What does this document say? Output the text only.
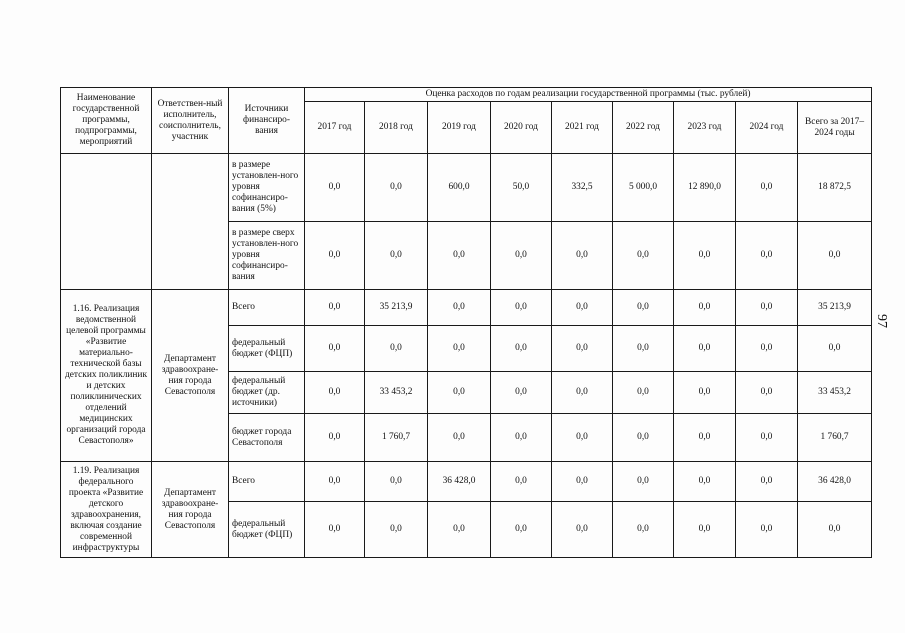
Наименование государственной программы, подпрограммы, мероприятий	Ответствен-ный исполнитель, соисполнитель, участник	Источники финансиро-вания	Оценка расходов по годам реализации государственной программы (тыс. рублей)								
			2017 год	2018 год	2019 год	2020 год	2021 год	2022 год	2023 год	2024 год	Всего за 2017–2024 годы
		в размере установлен-ного уровня софинансиро-вания (5%)	0,0	0,0	600,0	50,0	332,5	5 000,0	12 890,0	0,0	18 872,5
		в размере сверх установлен-ного уровня софинансиро-вания	0,0	0,0	0,0	0,0	0,0	0,0	0,0	0,0	0,0
1.16. Реализация ведомственной целевой программы «Развитие материально-технической базы детских поликлиник и детских поликлинических отделений медицинских организаций города Севастополя»	Департамент здравоохране-ния города Севастополя	Всего	0,0	35 213,9	0,0	0,0	0,0	0,0	0,0	0,0	35 213,9
		федеральный бюджет (ФЦП)	0,0	0,0	0,0	0,0	0,0	0,0	0,0	0,0	0,0
		федеральный бюджет (др. источники)	0,0	33 453,2	0,0	0,0	0,0	0,0	0,0	0,0	33 453,2
		бюджет города Севастополя	0,0	1 760,7	0,0	0,0	0,0	0,0	0,0	0,0	1 760,7
1.19. Реализация федерального проекта «Развитие детского здравоохранения, включая создание современной инфраструктуры	Департамент здравоохране-ния города Севастополя	Всего	0,0	0,0	36 428,0	0,0	0,0	0,0	0,0	0,0	36 428,0
		федеральный бюджет (ФЦП)	0,0	0,0	0,0	0,0	0,0	0,0	0,0	0,0	0,0
97
